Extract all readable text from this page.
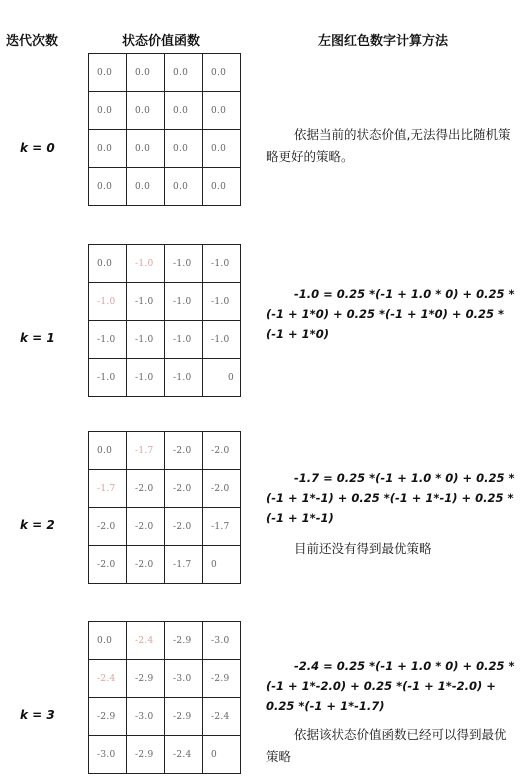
迭代次数	状态价值函数	左图红色数字计算方法
k = 0
0.0	0.0	0.0	0.0
0.0	0.0	0.0	0.0
0.0	0.0	0.0	0.0
0.0	0.0	0.0	0.0
依据当前的状态价值,无法得出比随机策略更好的策略。
k = 1
0.0	-1.0	-1.0	-1.0
-1.0	-1.0	-1.0	-1.0
-1.0	-1.0	-1.0	-1.0
-1.0	-1.0	-1.0	0
-1.0 = 0.25 *(-1 + 1.0 * 0) + 0.25 *(-1 + 1*0) + 0.25 *(-1 + 1*0) + 0.25 *(-1 + 1*0)
k = 2
0.0	-1.7	-2.0	-2.0
-1.7	-2.0	-2.0	-2.0
-2.0	-2.0	-2.0	-1.7
-2.0	-2.0	-1.7	0
-1.7 = 0.25 *(-1 + 1.0 * 0) + 0.25 *(-1 + 1*-1) + 0.25 *(-1 + 1*-1) + 0.25 *(-1 + 1*-1)
目前还没有得到最优策略
k = 3
0.0	-2.4	-2.9	-3.0
-2.4	-2.9	-3.0	-2.9
-2.9	-3.0	-2.9	-2.4
-3.0	-2.9	-2.4	0
-2.4 = 0.25 *(-1 + 1.0 * 0) + 0.25 *(-1 + 1*-2.0) + 0.25 *(-1 + 1*-2.0) + 0.25 *(-1 + 1*-1.7)
依据该状态价值函数已经可以得到最优策略
